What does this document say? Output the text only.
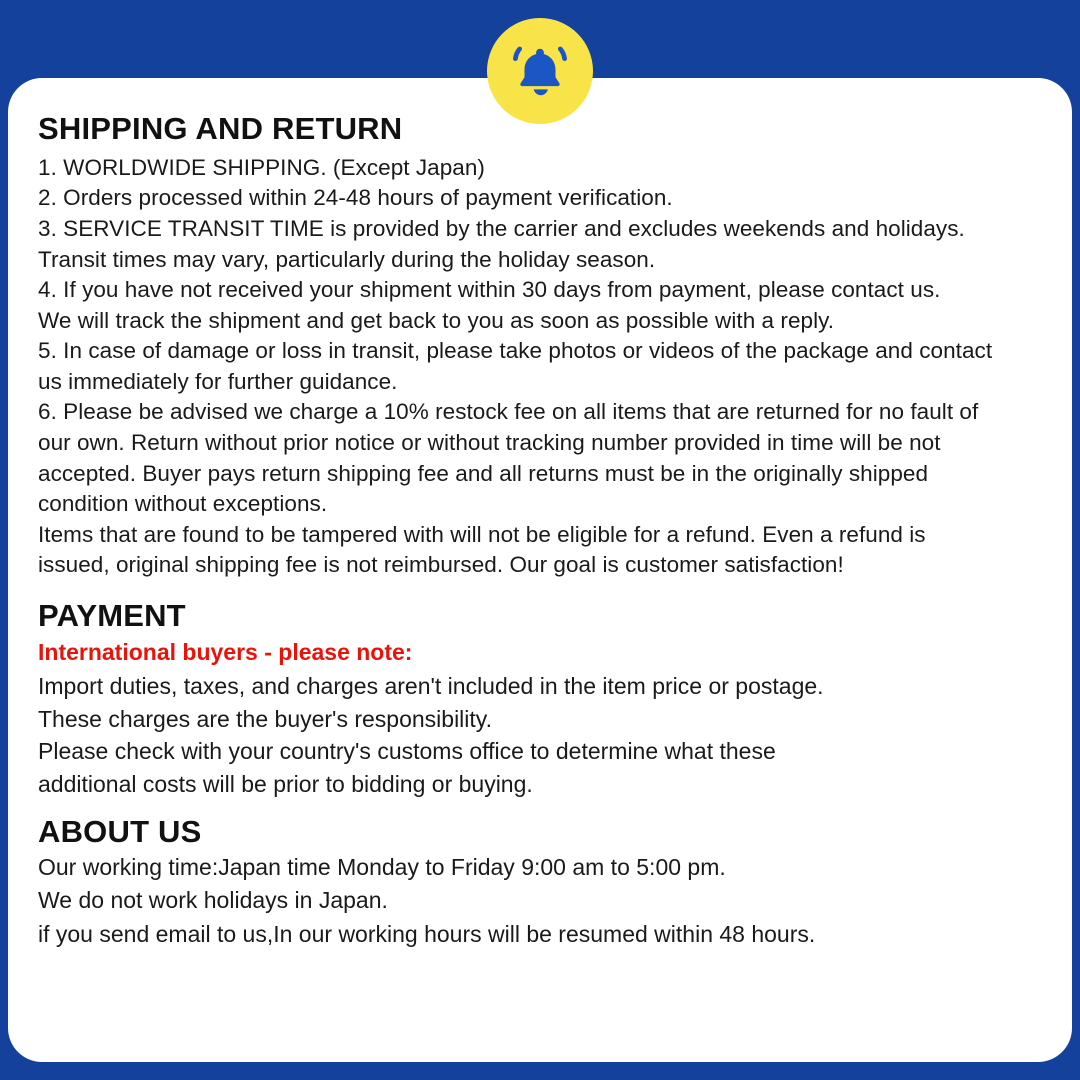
SHIPPING AND RETURN

1. WORLDWIDE SHIPPING. (Except Japan)

2. Orders processed within 24-48 hours of payment verification.

3. SERVICE TRANSIT TIME is provided by the carrier and excludes weekends and holidays.

Transit times may vary, particularly during the holiday season.

4. If you have not received your shipment within 30 days from payment, please contact us.

We will track the shipment and get back to you as soon as possible with a reply.

5. In case of damage or loss in transit, please take photos or videos of the package and contact

us immediately for further guidance.

6. Please be advised we charge a 10% restock fee on all items that are returned for no fault of

our own. Return without prior notice or without tracking number provided in time will be not

accepted. Buyer pays return shipping fee and all returns must be in the originally shipped

condition without exceptions.

Items that are found to be tampered with will not be eligible for a refund. Even a refund is

issued, original shipping fee is not reimbursed. Our goal is customer satisfaction!

PAYMENT

International buyers - please note:

Import duties, taxes, and charges aren't included in the item price or postage.

These charges are the buyer's responsibility.

Please check with your country's customs office to determine what these

additional costs will be prior to bidding or buying.

ABOUT US

Our working time:Japan time Monday to Friday 9:00 am to 5:00 pm.

We do not work holidays in Japan.

if you send email to us,In our working hours will be resumed within 48 hours.
